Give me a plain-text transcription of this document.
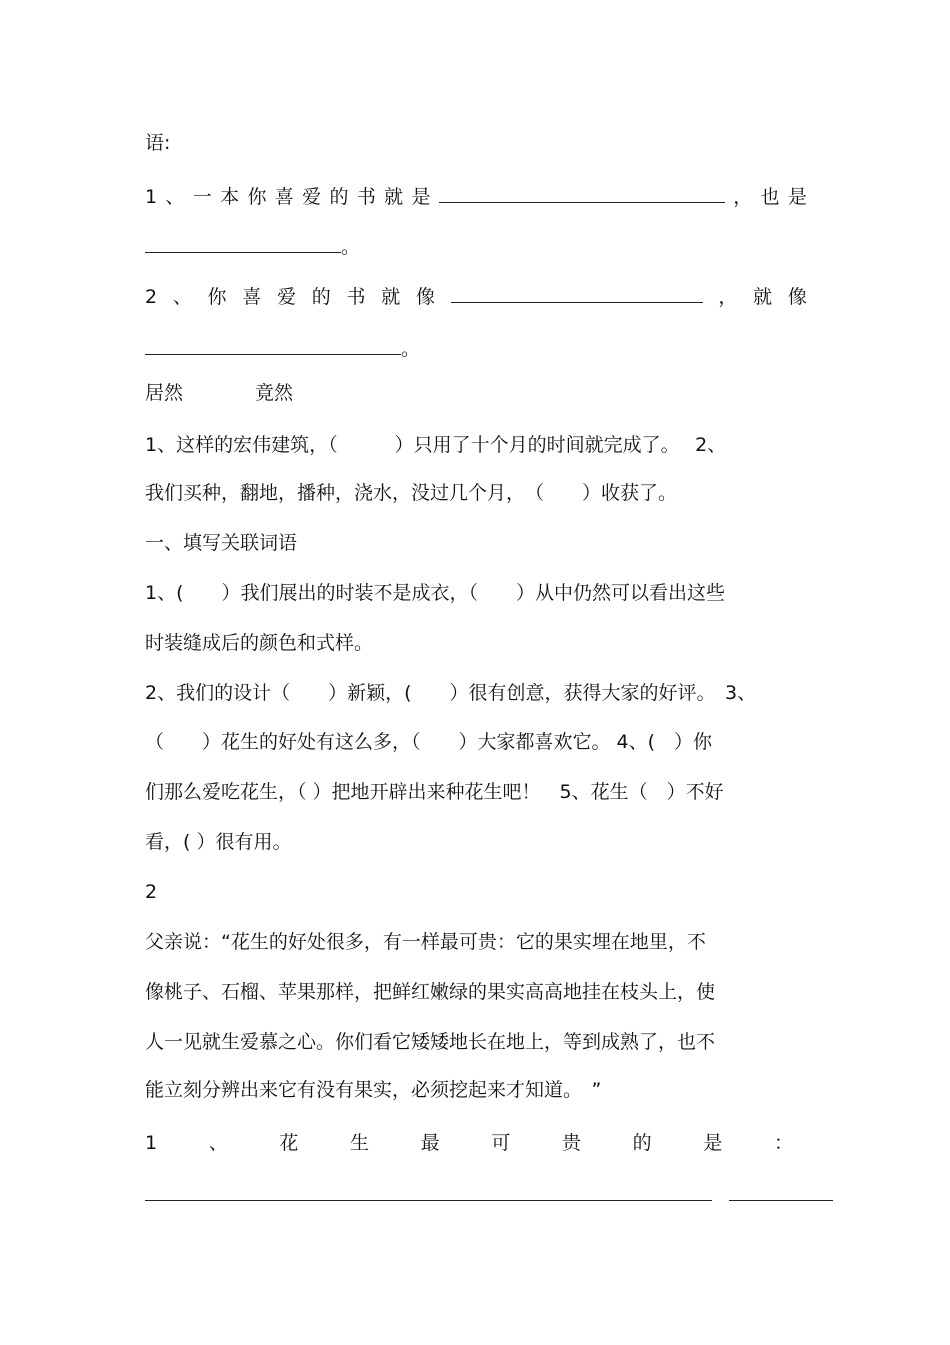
语:

1 、 一 本 你 喜 爱 的 书 就 是	， 也 是
。
2 、 你 喜 爱 的 书 就 像	， 就 像
。
居然	竟然

1、这样的宏伟建筑，（　　　）只用了十个月的时间就完成了。　 2、

我们买种，翻地，播种，浇水，没过几个月，　（　　）收获了。

一、填写关联词语

1、(　　）我们展出的时装不是成衣，（　　）从中仍然可以看出这些

时装缝成后的颜色和式样。

2、我们的设计（　　）新颖，(　　）很有创意，获得大家的好评。　3、

（　　）花生的好处有这么多，（　　）大家都喜欢它。 4、(　）你

们那么爱吃花生，（ ）把地开辟出来种花生吧！　5、花生（　）不好

看，( ）很有用。

2

父亲说：“花生的好处很多，有一样最可贵：它的果实埋在地里，不

像桃子、石榴、苹果那样，把鲜红嫩绿的果实高高地挂在枝头上，使

人一见就生爱慕之心。你们看它矮矮地长在地上，等到成熟了，也不

能立刻分辨出来它有没有果实，必须挖起来才知道。　”

1	、	花	生	最	可	贵	的	是	：
